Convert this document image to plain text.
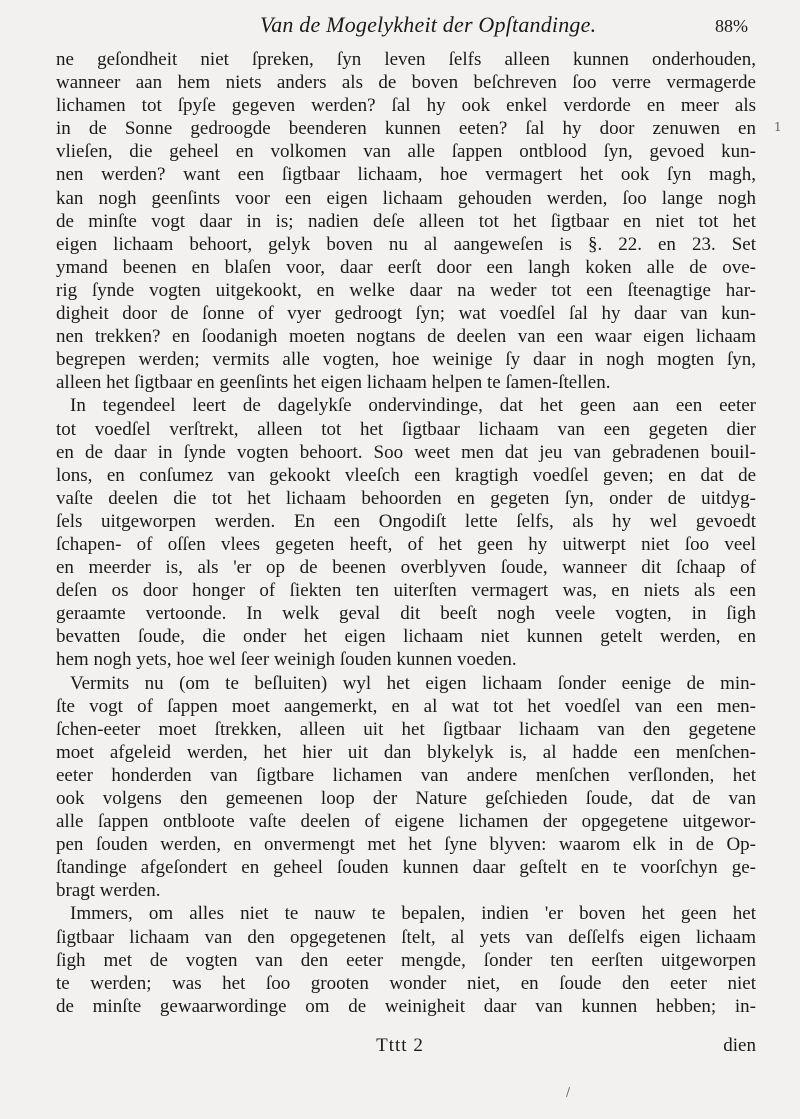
Van de Mogelykheit der Opſtandinge.	88%
ne geſondheit niet ſpreken, ſyn leven ſelfs alleen kunnen onderhouden,
wanneer aan hem niets anders als de boven beſchreven ſoo verre vermagerde
lichamen tot ſpyſe gegeven werden? ſal hy ook enkel verdorde en meer als
in de Sonne gedroogde beenderen kunnen eeten? ſal hy door zenuwen en
vlieſen, die geheel en volkomen van alle ſappen ontblood ſyn, gevoed kun-
nen werden? want een ſigtbaar lichaam, hoe vermagert het ook ſyn magh,
kan nogh geenſints voor een eigen lichaam gehouden werden, ſoo lange nogh
de minſte vogt daar in is; nadien deſe alleen tot het ſigtbaar en niet tot het
eigen lichaam behoort, gelyk boven nu al aangeweſen is §. 22. en 23. Set
ymand beenen en blaſen voor, daar eerſt door een langh koken alle de ove-
rig ſynde vogten uitgekookt, en welke daar na weder tot een ſteenagtige har-
digheit door de ſonne of vyer gedroogt ſyn; wat voedſel ſal hy daar van kun-
nen trekken? en ſoodanigh moeten nogtans de deelen van een waar eigen lichaam
begrepen werden; vermits alle vogten, hoe weinige ſy daar in nogh mogten ſyn,
alleen het ſigtbaar en geenſints het eigen lichaam helpen te ſamen-ſtellen.
In tegendeel leert de dagelykſe ondervindinge, dat het geen aan een eeter
tot voedſel verſtrekt, alleen tot het ſigtbaar lichaam van een gegeten dier
en de daar in ſynde vogten behoort. Soo weet men dat jeu van gebradenen bouil-
lons, en conſumez van gekookt vleeſch een kragtigh voedſel geven; en dat de
vaſte deelen die tot het lichaam behoorden en gegeten ſyn, onder de uitdyg-
ſels uitgeworpen werden. En een Ongodiſt lette ſelfs, als hy wel gevoedt
ſchapen- of oſſen vlees gegeten heeft, of het geen hy uitwerpt niet ſoo veel
en meerder is, als 'er op de beenen overblyven ſoude, wanneer dit ſchaap of
deſen os door honger of ſiekten ten uiterſten vermagert was, en niets als een
geraamte vertoonde. In welk geval dit beeſt nogh veele vogten, in ſigh
bevatten ſoude, die onder het eigen lichaam niet kunnen getelt werden, en
hem nogh yets, hoe wel ſeer weinigh ſouden kunnen voeden.
Vermits nu (om te beſluiten) wyl het eigen lichaam ſonder eenige de min-
ſte vogt of ſappen moet aangemerkt, en al wat tot het voedſel van een men-
ſchen-eeter moet ſtrekken, alleen uit het ſigtbaar lichaam van den gegetene
moet afgeleid werden, het hier uit dan blykelyk is, al hadde een menſchen-
eeter honderden van ſigtbare lichamen van andere menſchen verſlonden, het
ook volgens den gemeenen loop der Nature geſchieden ſoude, dat de van
alle ſappen ontbloote vaſte deelen of eigene lichamen der opgegetene uitgewor-
pen ſouden werden, en onvermengt met het ſyne blyven: waarom elk in de Op-
ſtandinge afgeſondert en geheel ſouden kunnen daar geſtelt en te voorſchyn ge-
bragt werden.
Immers, om alles niet te nauw te bepalen, indien 'er boven het geen het
ſigtbaar lichaam van den opgegetenen ſtelt, al yets van deſſelfs eigen lichaam
ſigh met de vogten van den eeter mengde, ſonder ten eerſten uitgeworpen
te werden; was het ſoo grooten wonder niet, en ſoude den eeter niet
de minſte gewaarwordinge om de weinigheit daar van kunnen hebben; in-
Tttt 2	dien
1
/
